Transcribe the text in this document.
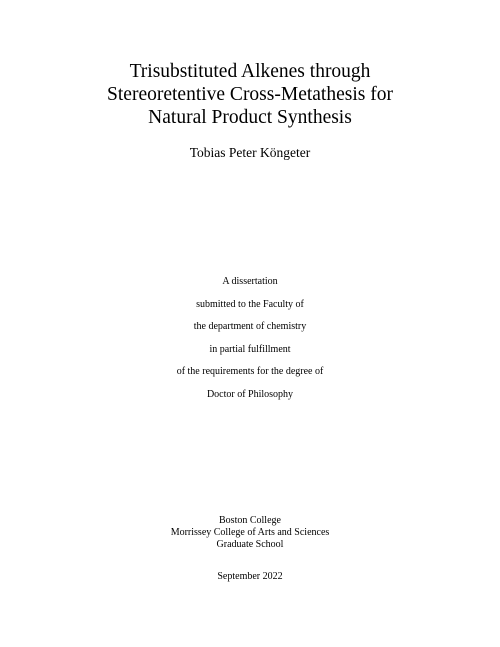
Trisubstituted Alkenes through
Stereoretentive Cross-Metathesis for
Natural Product Synthesis
Tobias Peter Köngeter
A dissertation
submitted to the Faculty of
the department of chemistry
in partial fulfillment
of the requirements for the degree of
Doctor of Philosophy
Boston College
Morrissey College of Arts and Sciences
Graduate School
September 2022
